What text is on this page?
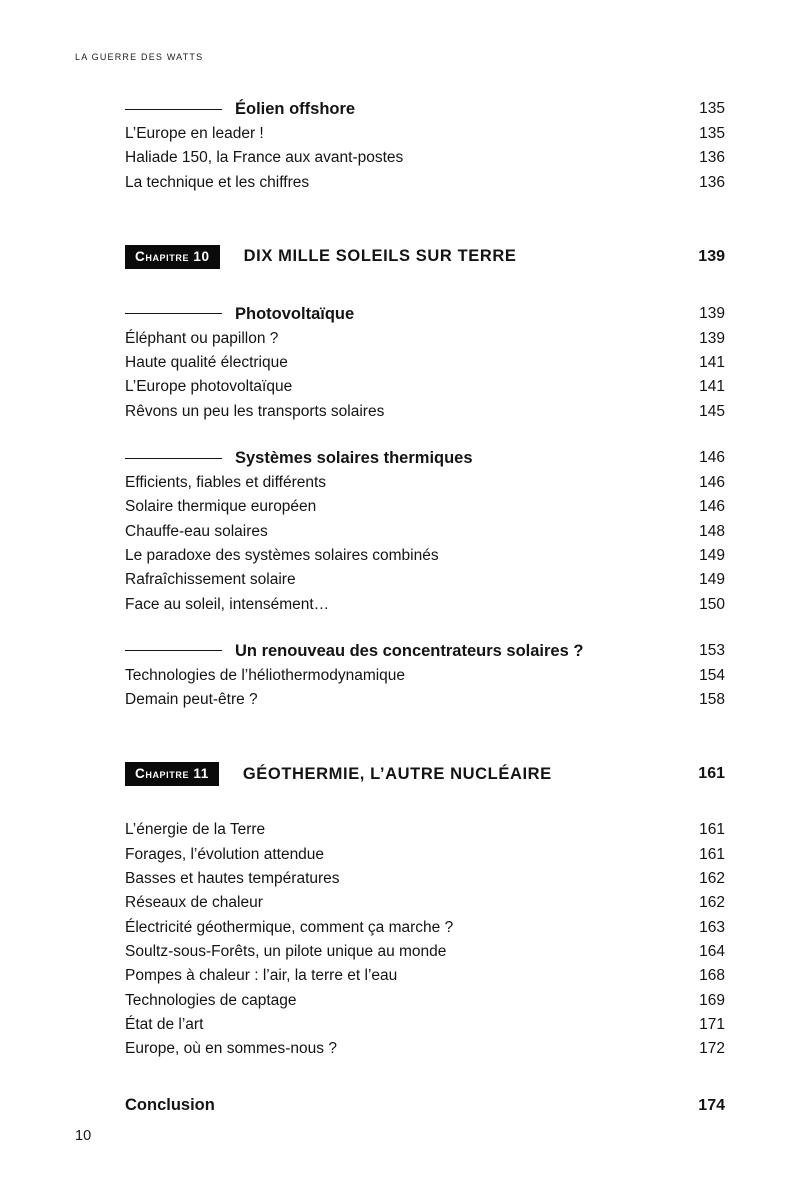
LA GUERRE DES WATTS
Éolien offshore	135
L’Europe en leader !	135
Haliade 150, la France aux avant-postes	136
La technique et les chiffres	136
Chapitre 10	DIX MILLE SOLEILS SUR TERRE	139
Photovoltaïque	139
Éléphant ou papillon ?	139
Haute qualité électrique	141
L’Europe photovoltaïque	141
Rêvons un peu les transports solaires	145
Systèmes solaires thermiques	146
Efficients, fiables et différents	146
Solaire thermique européen	146
Chauffe-eau solaires	148
Le paradoxe des systèmes solaires combinés	149
Rafraîchissement solaire	149
Face au soleil, intensément…	150
Un renouveau des concentrateurs solaires ?	153
Technologies de l’héliothermodynamique	154
Demain peut-être ?	158
Chapitre 11	GÉOTHERMIE, L’AUTRE NUCLÉAIRE	161
L’énergie de la Terre	161
Forages, l’évolution attendue	161
Basses et hautes températures	162
Réseaux de chaleur	162
Électricité géothermique, comment ça marche ?	163
Soultz-sous-Forêts, un pilote unique au monde	164
Pompes à chaleur : l’air, la terre et l’eau	168
Technologies de captage	169
État de l’art	171
Europe, où en sommes-nous ?	172
Conclusion	174
10
